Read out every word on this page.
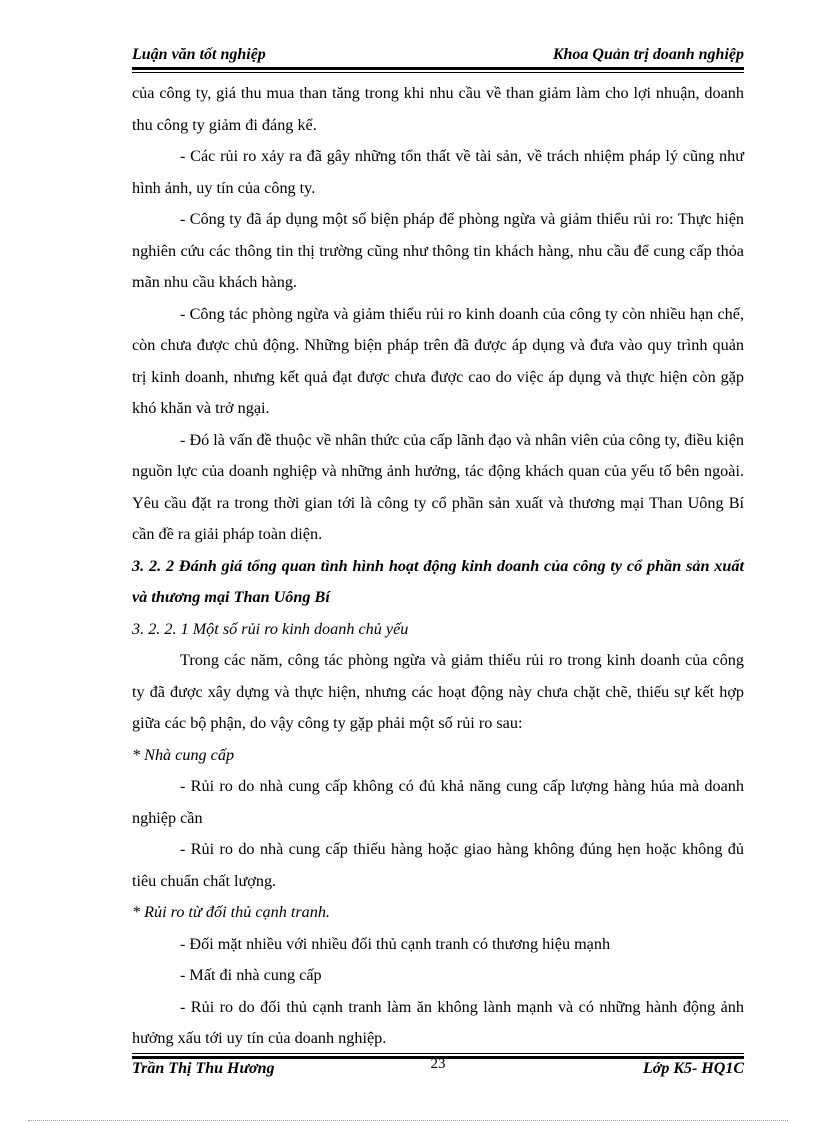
Luận văn tốt nghiệp	Khoa Quản trị doanh nghiệp

của công ty, giá thu mua than tăng trong khi nhu cầu về than giảm làm cho lợi nhuận, doanh thu công ty giảm đi đáng kể.

- Các rủi ro xảy ra đã gây những tổn thất về tài sản, về trách nhiệm pháp lý cũng như hình ảnh, uy tín của công ty.

- Công ty đã áp dụng một số biện pháp để phòng ngừa và giảm thiểu rủi ro: Thực hiện nghiên cứu các thông tin thị trường cũng như thông tin khách hàng, nhu cầu để cung cấp thỏa mãn nhu cầu khách hàng.

- Công tác phòng ngừa và giảm thiểu rủi ro kinh doanh của công ty còn nhiều hạn chế, còn chưa được chủ động. Những biện pháp trên đã được áp dụng và đưa vào quy trình quản trị kinh doanh, nhưng kết quả đạt được chưa được cao do việc áp dụng và thực hiện còn gặp khó khăn và trở ngại.

- Đó là vấn đề thuộc về nhân thức của cấp lãnh đạo và nhân viên của công ty, điều kiện nguồn lực của doanh nghiệp và những ảnh hưởng, tác động khách quan của yếu tố bên ngoài. Yêu cầu đặt ra trong thời gian tới là công ty cổ phần sản xuất và thương mại Than Uông Bí cần đề ra giải pháp toàn diện.

3. 2. 2 Đánh giá tổng quan tình hình hoạt động kinh doanh của công ty cổ phần sản xuất và thương mại Than Uông Bí

3. 2. 2. 1 Một số rủi ro kinh doanh chủ yếu

Trong các năm, công tác phòng ngừa và giảm thiểu rủi ro trong kinh doanh của công ty đã được xây dựng và thực hiện, nhưng các hoạt động này chưa chặt chẽ, thiếu sự kết hợp giữa các bộ phận, do vậy công ty gặp phải một số rủi ro sau:

* Nhà cung cấp

- Rủi ro do nhà cung cấp không có đủ khả năng cung cấp lượng hàng húa mà doanh nghiệp cần

- Rủi ro do nhà cung cấp thiếu hàng hoặc giao hàng không đúng hẹn hoặc không đủ tiêu chuẩn chất lượng.

* Rủi ro từ đối thủ cạnh tranh.

- Đối mặt nhiều với nhiều đối thủ cạnh tranh có thương hiệu mạnh

- Mất đi nhà cung cấp

- Rủi ro do đối thủ cạnh tranh làm ăn không lành mạnh và có những hành động ảnh hưởng xấu tới uy tín của doanh nghiệp.

Trần Thị Thu Hương	23	Lớp K5- HQ1C
